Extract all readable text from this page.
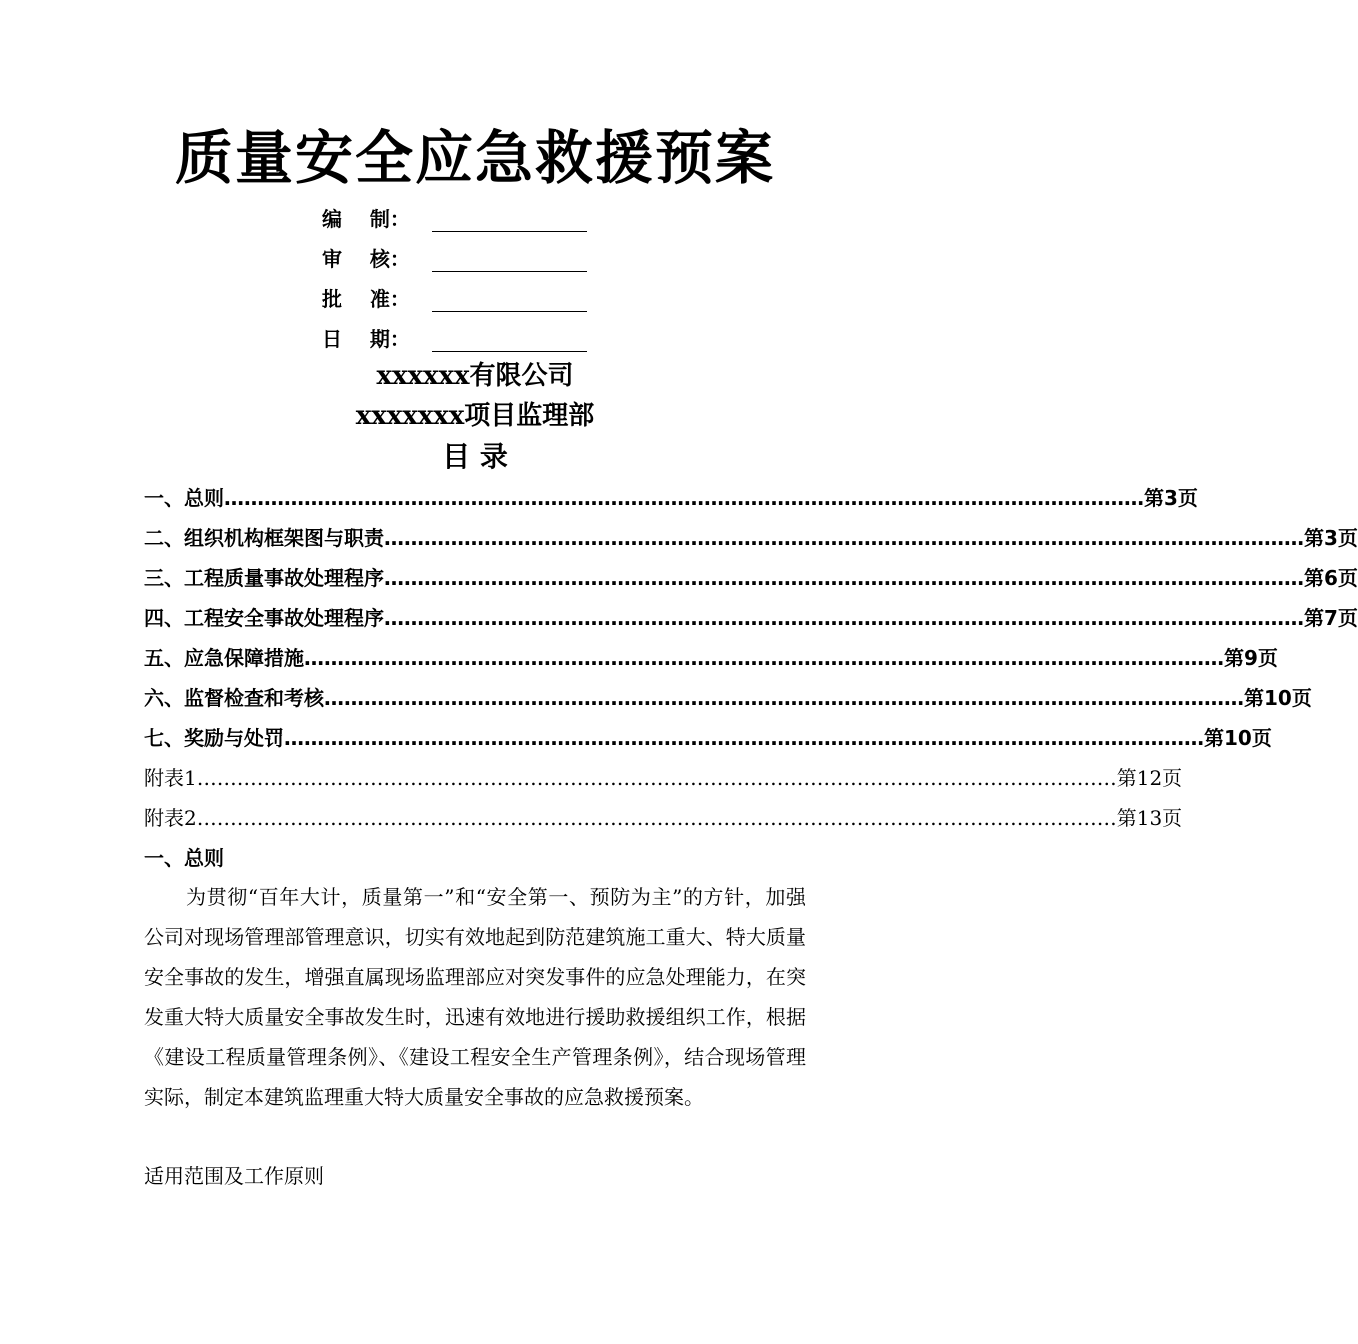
质量安全应急救援预案
编    制：
审    核：
批    准：
日    期：
xxxxxx有限公司
xxxxxxx项目监理部
目 录
一、总则 ………………………………………………………………………………………………………………………… 第3页
二、组织机构框架图与职责 ………………………………………………………………………………………………………………………… 第3页
三、工程质量事故处理程序 ………………………………………………………………………………………………………………………… 第6页
四、工程安全事故处理程序 ………………………………………………………………………………………………………………………… 第7页
五、应急保障措施 ………………………………………………………………………………………………………………………… 第9页
六、监督检查和考核 ………………………………………………………………………………………………………………………… 第10页
七、奖励与处罚 ………………………………………………………………………………………………………………………… 第10页
附表1 ………………………………………………………………………………………………………………………… 第12页
附表2 ………………………………………………………………………………………………………………………… 第13页
一、总则
为贯彻“百年大计，质量第一”和“安全第一、预防为主”的方针，加强公司对现场管理部管理意识，切实有效地起到防范建筑施工重大、特大质量安全事故的发生，增强直属现场监理部应对突发事件的应急处理能力，在突发重大特大质量安全事故发生时，迅速有效地进行援助救援组织工作，根据《建设工程质量管理条例》、《建设工程安全生产管理条例》，结合现场管理实际，制定本建筑监理重大特大质量安全事故的应急救援预案。
适用范围及工作原则
